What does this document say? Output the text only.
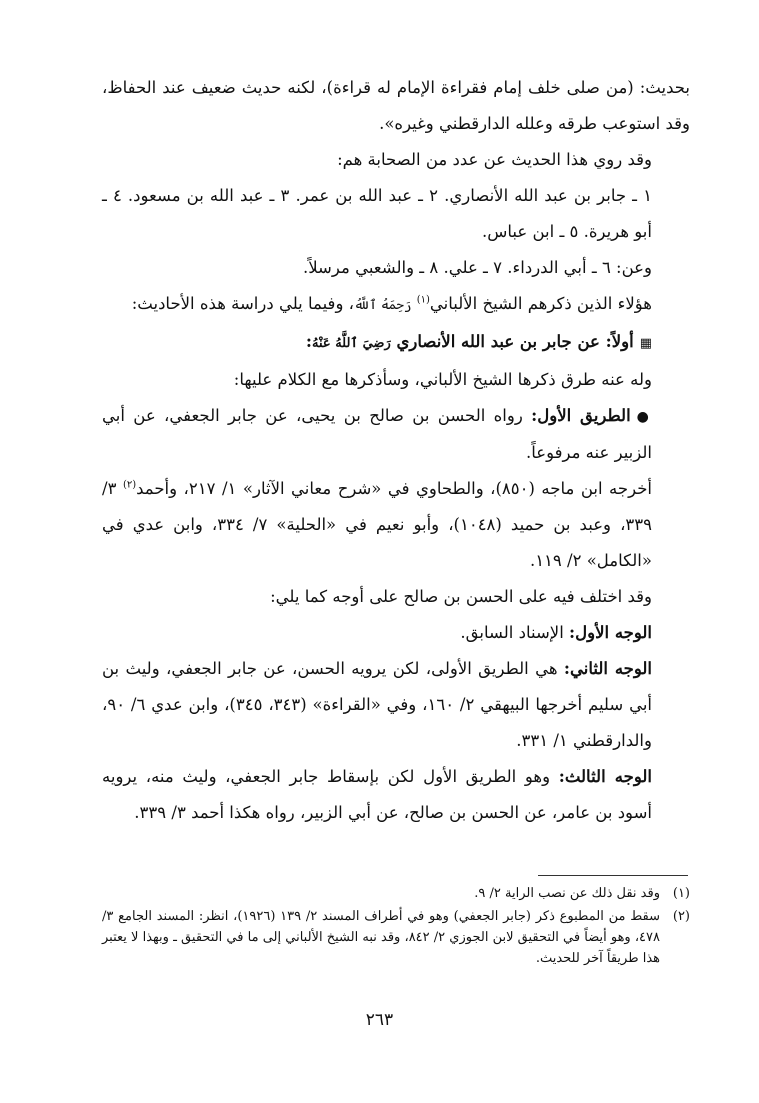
بحديث: (من صلى خلف إمام فقراءة الإمام له قراءة)، لكنه حديث ضعيف عند الحفاظ، وقد استوعب طرقه وعلله الدارقطني وغيره».

وقد روي هذا الحديث عن عدد من الصحابة هم:

١ ـ جابر بن عبد الله الأنصاري. ٢ ـ عبد الله بن عمر. ٣ ـ عبد الله بن مسعود. ٤ ـ أبو هريرة. ٥ ـ ابن عباس.

وعن: ٦ ـ أبي الدرداء. ٧ ـ علي. ٨ ـ والشعبي مرسلاً.

هؤلاء الذين ذكرهم الشيخ الألباني$^{(١)}$ رَحِمَهُ ٱللَّهُ، وفيما يلي دراسة هذه الأحاديث:

▦أولاً: عن جابر بن عبد الله الأنصاري رَضِيَ ٱللَّهُ عَنْهُ:

وله عنه طرق ذكرها الشيخ الألباني، وسأذكرها مع الكلام عليها:

●الطريق الأول: رواه الحسن بن صالح بن يحيى، عن جابر الجعفي، عن أبي الزبير عنه مرفوعاً.

أخرجه ابن ماجه (٨٥٠)، والطحاوي في «شرح معاني الآثار» ١/ ٢١٧، وأحمد$^{(٢)}$ ٣/ ٣٣٩، وعبد بن حميد (١٠٤٨)، وأبو نعيم في «الحلية» ٧/ ٣٣٤، وابن عدي في «الكامل» ٢/ ١١٩.

وقد اختلف فيه على الحسن بن صالح على أوجه كما يلي:

الوجه الأول: الإسناد السابق.

الوجه الثاني: هي الطريق الأولى، لكن يرويه الحسن، عن جابر الجعفي، وليث بن أبي سليم أخرجها البيهقي ٢/ ١٦٠، وفي «القراءة» (٣٤٣، ٣٤٥)، وابن عدي ٦/ ٩٠، والدارقطني ١/ ٣٣١.

الوجه الثالث: وهو الطريق الأول لكن بإسقاط جابر الجعفي، وليث منه، يرويه أسود بن عامر، عن الحسن بن صالح، عن أبي الزبير، رواه هكذا أحمد ٣/ ٣٣٩.

(١)
وقد نقل ذلك عن نصب الراية ٢/ ٩.
(٢)
سقط من المطبوع ذكر (جابر الجعفي) وهو في أطراف المسند ٢/ ١٣٩ (١٩٢٦)، انظر: المسند الجامع ٣/ ٤٧٨، وهو أيضاً في التحقيق لابن الجوزي ٢/ ٨٤٢، وقد نبه الشيخ الألباني إلى ما في التحقيق ـ وبهذا لا يعتبر هذا طريقاً آخر للحديث.
٢٦٣
